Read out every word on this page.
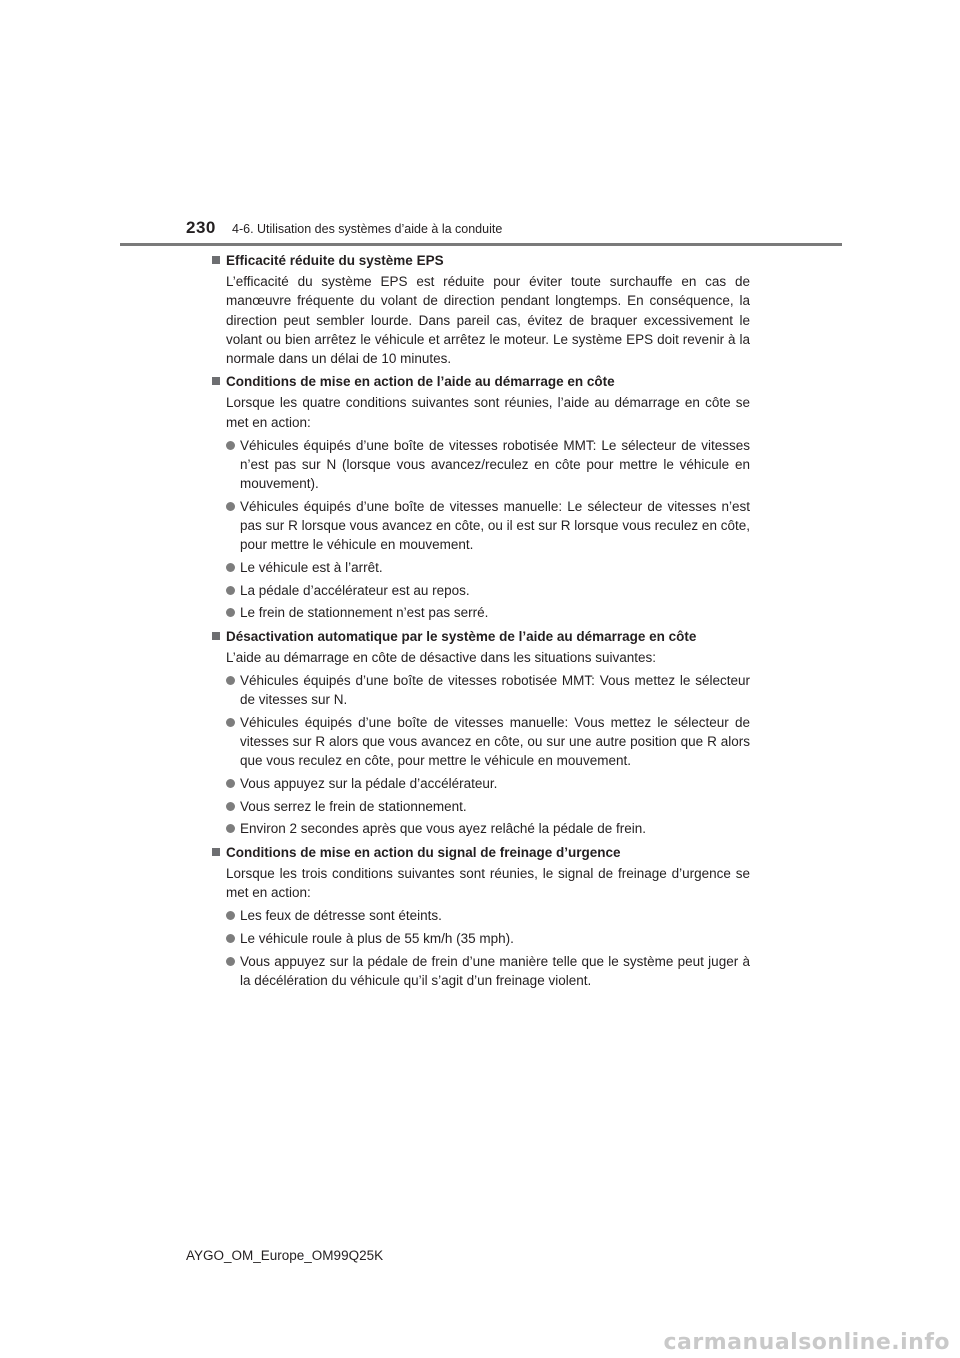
230 4-6. Utilisation des systèmes d’aide à la conduite
Efficacité réduite du système EPS

L’efficacité du système EPS est réduite pour éviter toute surchauffe en cas de manœuvre fréquente du volant de direction pendant longtemps. En conséquence, la direction peut sembler lourde. Dans pareil cas, évitez de braquer excessivement le volant ou bien arrêtez le véhicule et arrêtez le moteur. Le système EPS doit revenir à la normale dans un délai de 10 minutes.

Conditions de mise en action de l’aide au démarrage en côte

Lorsque les quatre conditions suivantes sont réunies, l’aide au démarrage en côte se met en action:

Véhicules équipés d’une boîte de vitesses robotisée MMT: Le sélecteur de vitesses n’est pas sur N (lorsque vous avancez/reculez en côte pour mettre le véhicule en mouvement).
Véhicules équipés d’une boîte de vitesses manuelle: Le sélecteur de vitesses n’est pas sur R lorsque vous avancez en côte, ou il est sur R lorsque vous reculez en côte, pour mettre le véhicule en mouvement.
Le véhicule est à l’arrêt.
La pédale d’accélérateur est au repos.
Le frein de stationnement n’est pas serré.
Désactivation automatique par le système de l’aide au démarrage en côte

L’aide au démarrage en côte de désactive dans les situations suivantes:

Véhicules équipés d’une boîte de vitesses robotisée MMT: Vous mettez le sélecteur de vitesses sur N.
Véhicules équipés d’une boîte de vitesses manuelle: Vous mettez le sélecteur de vitesses sur R alors que vous avancez en côte, ou sur une autre position que R alors que vous reculez en côte, pour mettre le véhicule en mouvement.
Vous appuyez sur la pédale d’accélérateur.
Vous serrez le frein de stationnement.
Environ 2 secondes après que vous ayez relâché la pédale de frein.
Conditions de mise en action du signal de freinage d’urgence

Lorsque les trois conditions suivantes sont réunies, le signal de freinage d’urgence se met en action:

Les feux de détresse sont éteints.
Le véhicule roule à plus de 55 km/h (35 mph).
Vous appuyez sur la pédale de frein d’une manière telle que le système peut juger à la décélération du véhicule qu’il s’agit d’un freinage violent.
AYGO_OM_Europe_OM99Q25K
carmanualsonline.info
